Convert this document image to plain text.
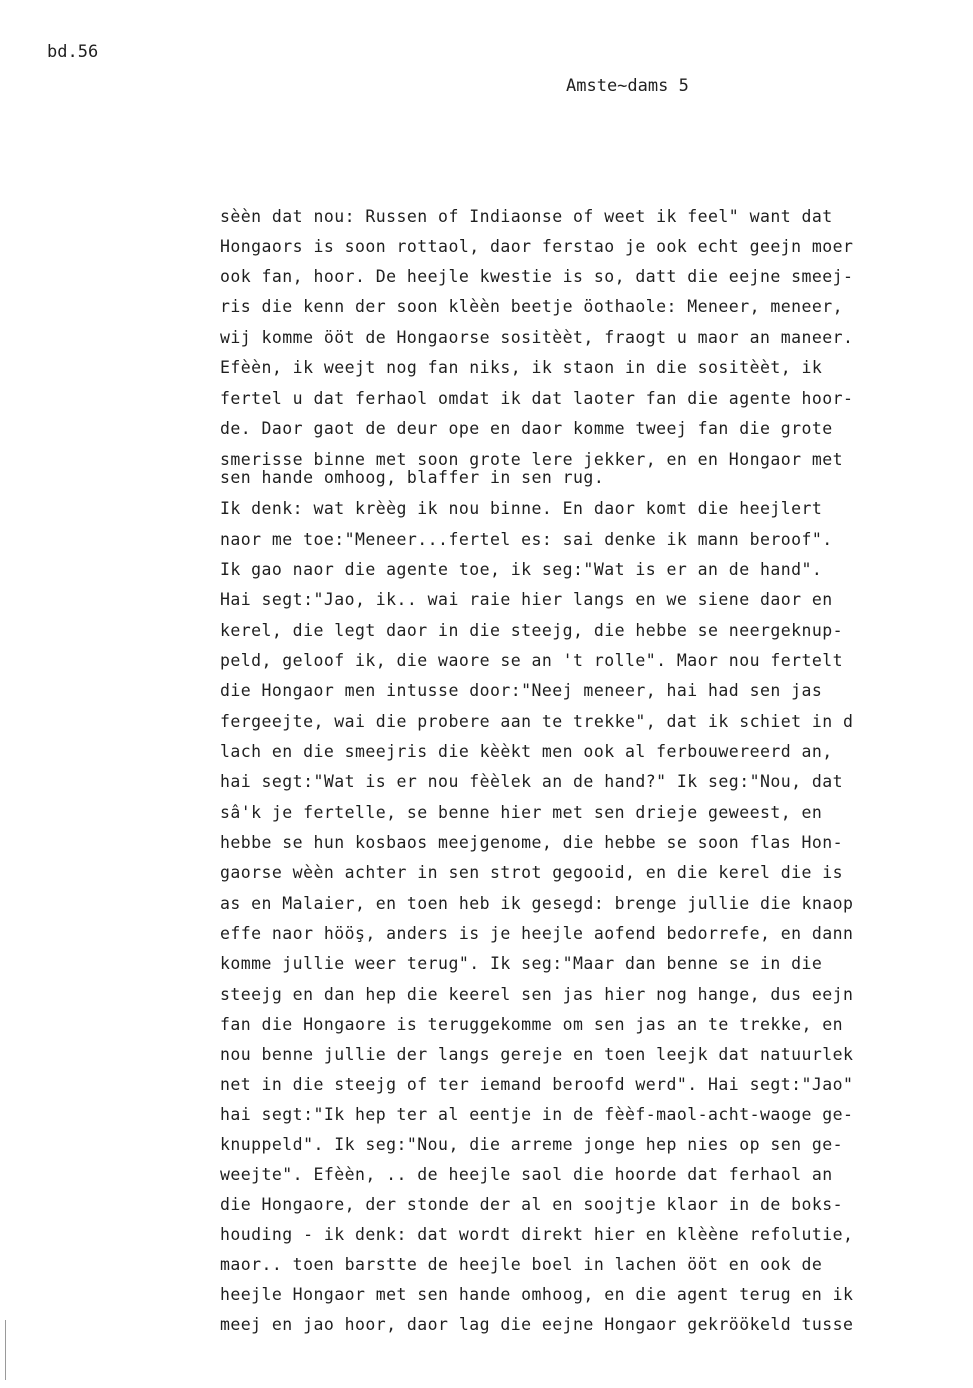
bd.56
Amste~dams 5
sèèn dat nou: Russen of Indiaonse of weet ik feel" want dat
Hongaors is soon rottaol, daor ferstao je ook echt geejn moer
ook fan, hoor. De heejle kwestie is so, datt die eejne smeej-
ris die kenn der soon klèèn beetje öothaole: Meneer, meneer,
wij komme ööt de Hongaorse sositèèt, fraogt u maor an maneer.
Efèèn, ik weejt nog fan niks, ik staon in die sositèèt, ik
fertel u dat ferhaol omdat ik dat laoter fan die agente hoor-
de. Daor gaot de deur ope en daor komme tweej fan die grote
smerisse binne met soon grote lere jekker, en en Hongaor met
sen hande omhoog, blaffer in sen rug.
Ik denk: wat krèèg ik nou binne. En daor komt die heejlert
naor me toe:"Meneer...fertel es: sai denke ik mann beroof".
Ik gao naor die agente toe, ik seg:"Wat is er an de hand".
Hai segt:"Jao, ik.. wai raie hier langs en we siene daor en
kerel, die legt daor in die steejg, die hebbe se neergeknup-
peld, geloof ik, die waore se an 't rolle". Maor nou fertelt
die Hongaor men intusse door:"Neej meneer, hai had sen jas
fergeejte, wai die probere aan te trekke", dat ik schiet in d
lach en die smeejris die kèèkt men ook al ferbouwereerd an,
hai segt:"Wat is er nou fèèlek an de hand?" Ik seg:"Nou, dat
sâ'k je fertelle, se benne hier met sen drieje geweest, en
hebbe se hun kosbaos meejgenome, die hebbe se soon flas Hon-
gaorse wèèn achter in sen strot gegooid, en die kerel die is
as en Malaier, en toen heb ik gesegd: brenge jullie die knaop
effe naor hööş, anders is je heejle aofend bedorrefe, en dann
komme jullie weer terug". Ik seg:"Maar dan benne se in die
steejg en dan hep die keerel sen jas hier nog hange, dus eejn
fan die Hongaore is teruggekomme om sen jas an te trekke, en
nou benne jullie der langs gereje en toen leejk dat natuurlek
net in die steejg of ter iemand beroofd werd". Hai segt:"Jao"
hai segt:"Ik hep ter al eentje in de fèèf-maol-acht-waoge ge-
knuppeld". Ik seg:"Nou, die arreme jonge hep nies op sen ge-
weejte". Efèèn, .. de heejle saol die hoorde dat ferhaol an
die Hongaore, der stonde der al en soojtje klaor in de boks-
houding - ik denk: dat wordt direkt hier en klèène refolutie,
maor.. toen barstte de heejle boel in lachen ööt en ook de
heejle Hongaor met sen hande omhoog, en die agent terug en ik
meej en jao hoor, daor lag die eejne Hongaor gekröökeld tusse
